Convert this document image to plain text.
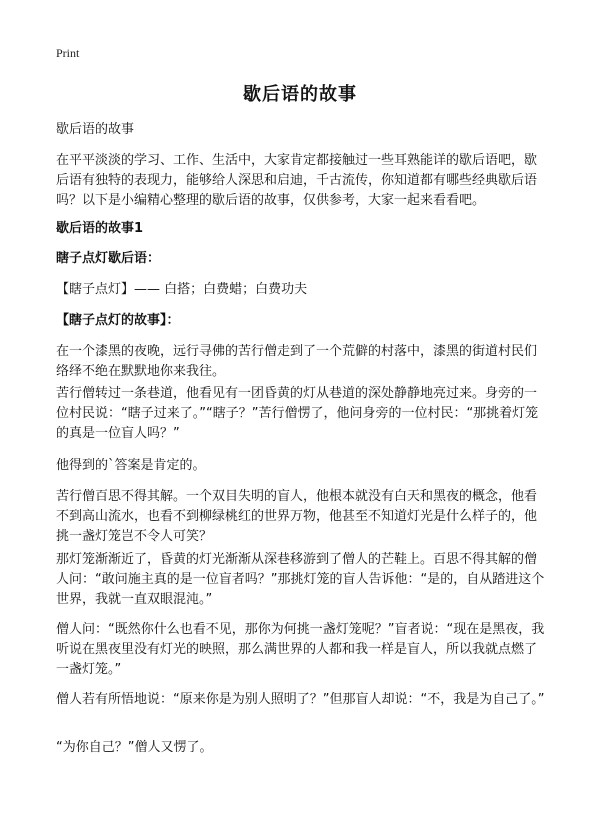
Print
歇后语的故事

歇后语的故事

在平平淡淡的学习、工作、生活中，大家肯定都接触过一些耳熟能详的歇后语吧，歇后语有独特的表现力，能够给人深思和启迪，千古流传，你知道都有哪些经典歇后语吗？以下是小编精心整理的歇后语的故事，仅供参考，大家一起来看看吧。

歇后语的故事1

瞎子点灯歇后语：

【瞎子点灯】—— 白搭；白费蜡；白费功夫

【瞎子点灯的故事】：

在一个漆黑的夜晚，远行寻佛的苦行僧走到了一个荒僻的村落中，漆黑的街道村民们络绎不绝在默默地你来我往。

苦行僧转过一条巷道，他看见有一团昏黄的灯从巷道的深处静静地亮过来。身旁的一位村民说：“瞎子过来了。”“瞎子？”苦行僧愣了，他问身旁的一位村民：“那挑着灯笼的真是一位盲人吗？”

他得到的`答案是肯定的。

苦行僧百思不得其解。一个双目失明的盲人，他根本就没有白天和黑夜的概念，他看不到高山流水，也看不到柳绿桃红的世界万物，他甚至不知道灯光是什么样子的，他挑一盏灯笼岂不令人可笑？

那灯笼渐渐近了，昏黄的灯光渐渐从深巷移游到了僧人的芒鞋上。百思不得其解的僧人问：“敢问施主真的是一位盲者吗？”那挑灯笼的盲人告诉他：“是的，自从踏进这个世界，我就一直双眼混沌。”

僧人问：“既然你什么也看不见，那你为何挑一盏灯笼呢？”盲者说：“现在是黑夜，我听说在黑夜里没有灯光的映照，那么满世界的人都和我一样是盲人，所以我就点燃了一盏灯笼。”

僧人若有所悟地说：“原来你是为别人照明了？”但那盲人却说：“不，我是为自己了。”

“为你自己？”僧人又愣了。
